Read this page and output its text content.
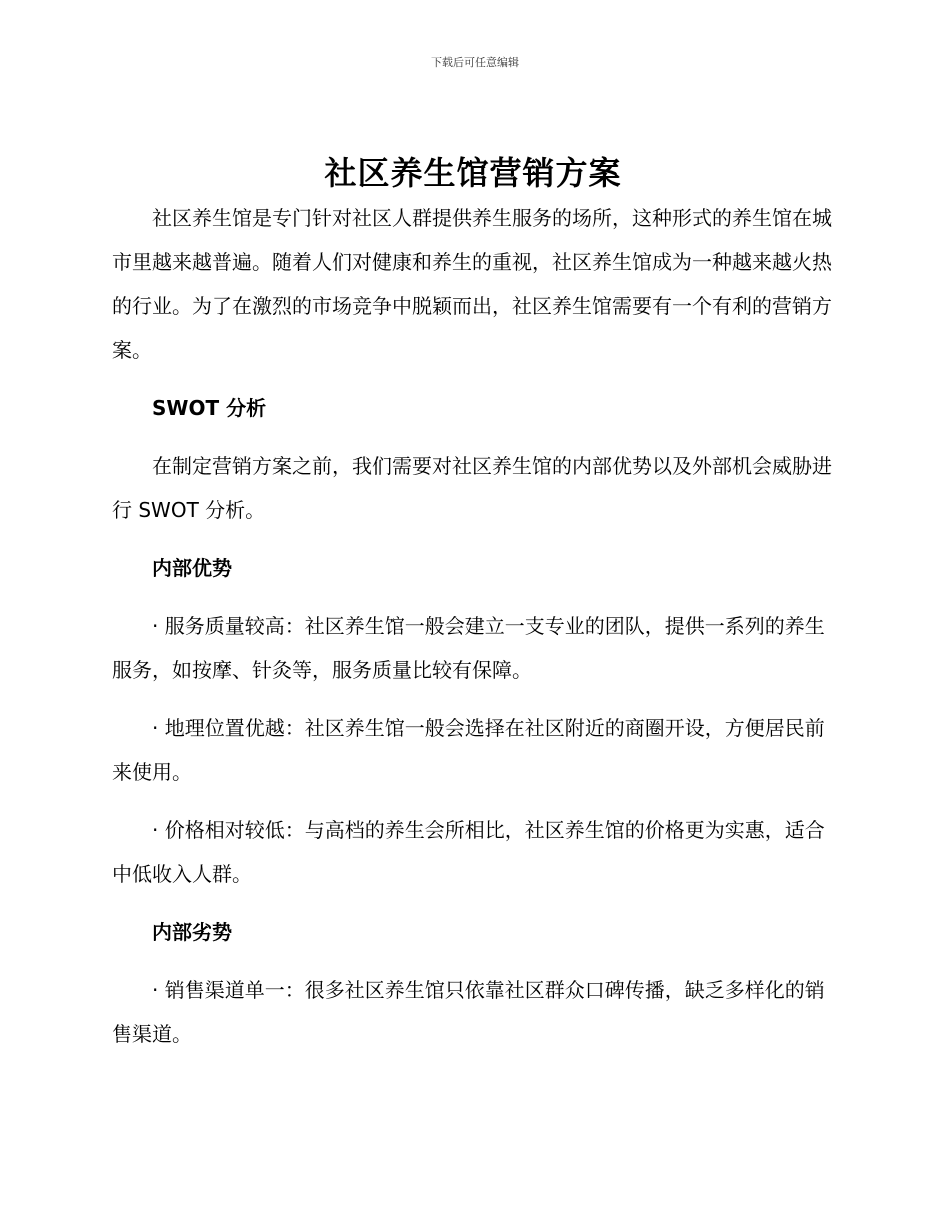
下载后可任意编辑
社区养生馆营销方案

社区养生馆是专门针对社区人群提供养生服务的场所，这种形式的养生馆在城市里越来越普遍。随着人们对健康和养生的重视，社区养生馆成为一种越来越火热的行业。为了在激烈的市场竞争中脱颖而出，社区养生馆需要有一个有利的营销方案。

SWOT 分析

在制定营销方案之前，我们需要对社区养生馆的内部优势以及外部机会威胁进行 SWOT 分析。

内部优势

· 服务质量较高：社区养生馆一般会建立一支专业的团队，提供一系列的养生服务，如按摩、针灸等，服务质量比较有保障。

· 地理位置优越：社区养生馆一般会选择在社区附近的商圈开设，方便居民前来使用。

· 价格相对较低：与高档的养生会所相比，社区养生馆的价格更为实惠，适合中低收入人群。

内部劣势

· 销售渠道单一：很多社区养生馆只依靠社区群众口碑传播，缺乏多样化的销售渠道。
